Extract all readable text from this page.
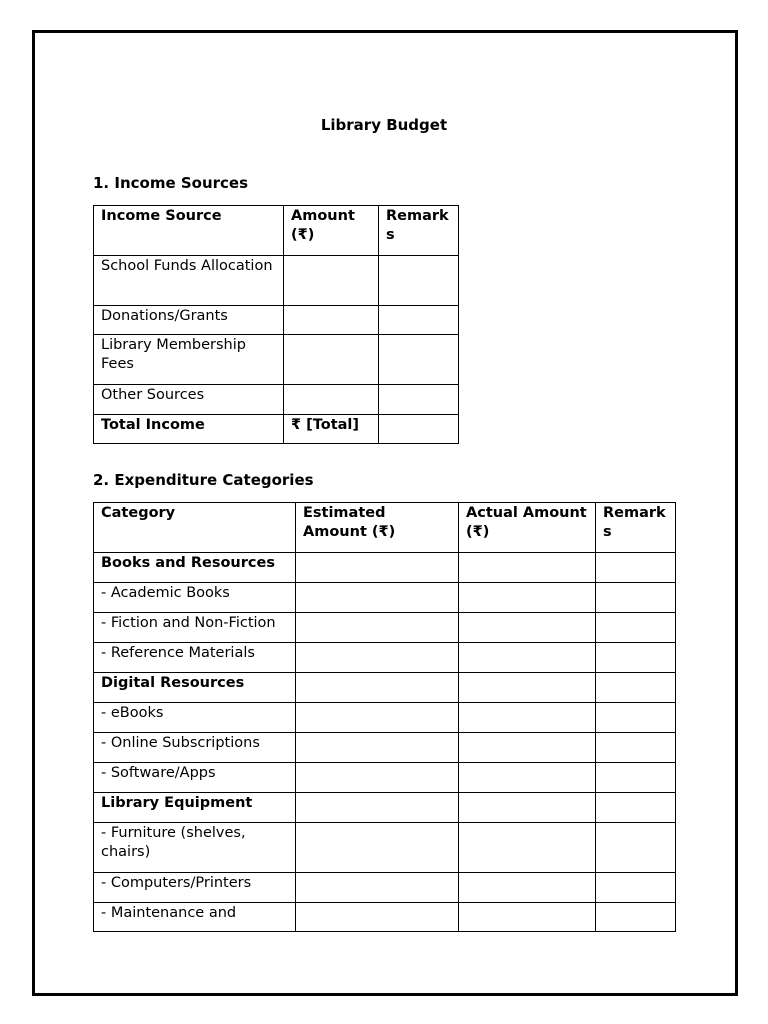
Library Budget
1. Income Sources
Income Source	Amount (₹)	Remarks
School Funds Allocation		
Donations/Grants		
Library Membership Fees		
Other Sources		
Total Income	₹ [Total]	
2. Expenditure Categories
Category	Estimated Amount (₹)	Actual Amount (₹)	Remarks
Books and Resources			
- Academic Books			
- Fiction and Non-Fiction			
- Reference Materials			
Digital Resources			
- eBooks			
- Online Subscriptions			
- Software/Apps			
Library Equipment			
- Furniture (shelves, chairs)			
- Computers/Printers			
- Maintenance and			
